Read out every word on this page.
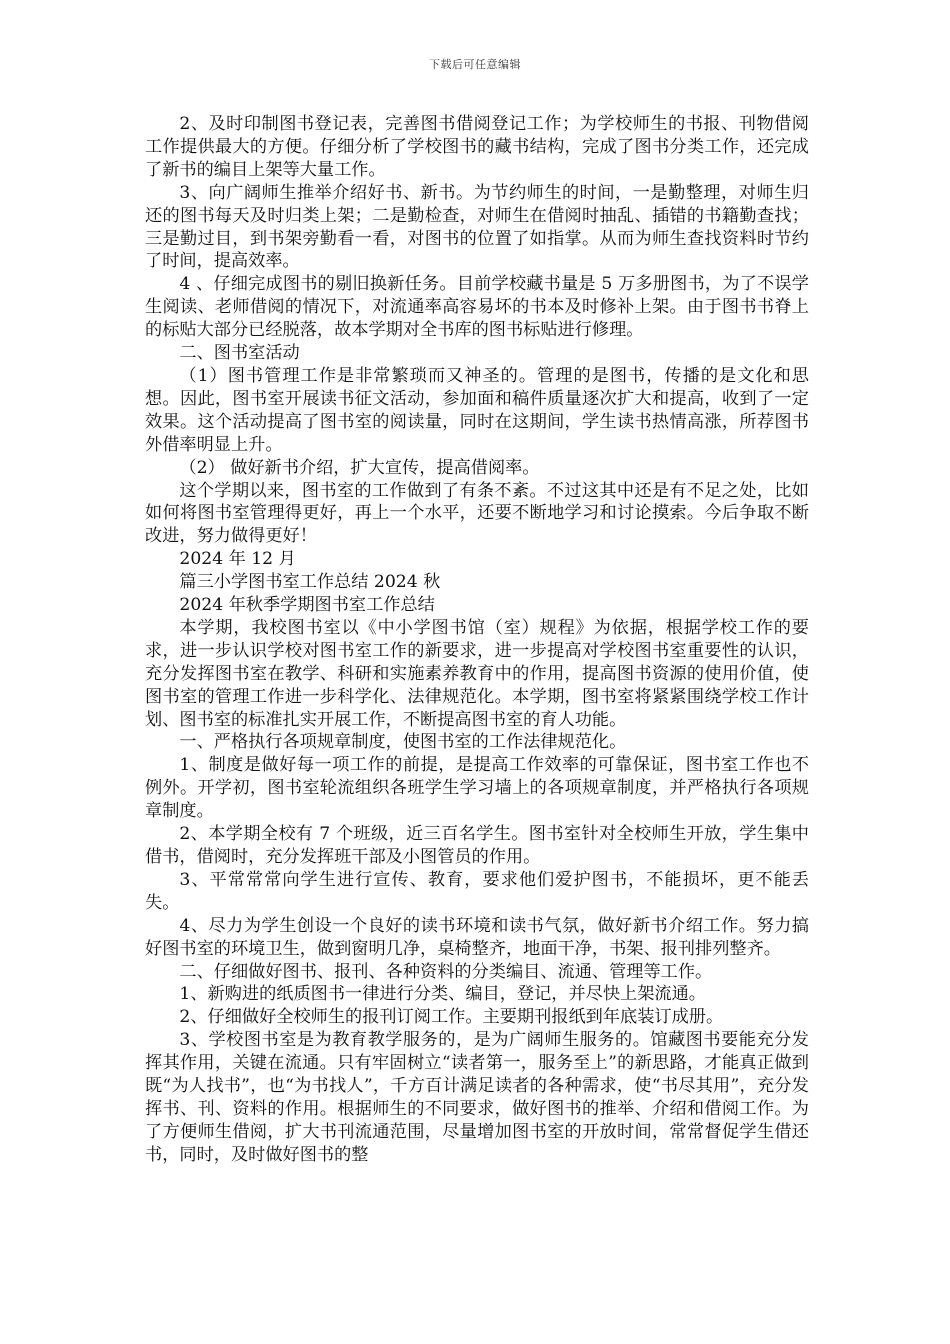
下载后可任意编辑

2、及时印制图书登记表，完善图书借阅登记工作；为学校师生的书报、刊物借阅工作提供最大的方便。仔细分析了学校图书的藏书结构，完成了图书分类工作，还完成了新书的编目上架等大量工作。

3、向广阔师生推举介绍好书、新书。为节约师生的时间，一是勤整理，对师生归还的图书每天及时归类上架；二是勤检查，对师生在借阅时抽乱、插错的书籍勤查找；三是勤过目，到书架旁勤看一看，对图书的位置了如指掌。从而为师生查找资料时节约了时间，提高效率。

4 、仔细完成图书的剔旧换新任务。目前学校藏书量是 5 万多册图书，为了不误学生阅读、老师借阅的情况下，对流通率高容易坏的书本及时修补上架。由于图书书脊上的标贴大部分已经脱落，故本学期对全书库的图书标贴进行修理。

二、图书室活动

（1）图书管理工作是非常繁琐而又神圣的。管理的是图书，传播的是文化和思想。因此，图书室开展读书征文活动，参加面和稿件质量逐次扩大和提高，收到了一定效果。这个活动提高了图书室的阅读量，同时在这期间，学生读书热情高涨，所荐图书外借率明显上升。

（2） 做好新书介绍，扩大宣传，提高借阅率。

这个学期以来，图书室的工作做到了有条不紊。不过这其中还是有不足之处，比如如何将图书室管理得更好，再上一个水平，还要不断地学习和讨论摸索。今后争取不断改进，努力做得更好！

2024 年 12 月

篇三小学图书室工作总结 2024 秋

2024 年秋季学期图书室工作总结

本学期，我校图书室以《中小学图书馆（室）规程》为依据，根据学校工作的要求，进一步认识学校对图书室工作的新要求，进一步提高对学校图书室重要性的认识，充分发挥图书室在教学、科研和实施素养教育中的作用，提高图书资源的使用价值，使图书室的管理工作进一步科学化、法律规范化。本学期，图书室将紧紧围绕学校工作计划、图书室的标准扎实开展工作，不断提高图书室的育人功能。

一、严格执行各项规章制度，使图书室的工作法律规范化。

1、制度是做好每一项工作的前提，是提高工作效率的可靠保证，图书室工作也不例外。开学初，图书室轮流组织各班学生学习墙上的各项规章制度，并严格执行各项规章制度。

2、本学期全校有 7 个班级，近三百名学生。图书室针对全校师生开放，学生集中借书，借阅时，充分发挥班干部及小图管员的作用。

3、平常常常向学生进行宣传、教育，要求他们爱护图书，不能损坏，更不能丢失。

4、尽力为学生创设一个良好的读书环境和读书气氛，做好新书介绍工作。努力搞好图书室的环境卫生，做到窗明几净，桌椅整齐，地面干净，书架、报刊排列整齐。

二、仔细做好图书、报刊、各种资料的分类编目、流通、管理等工作。

1、新购进的纸质图书一律进行分类、编目，登记，并尽快上架流通。

2、仔细做好全校师生的报刊订阅工作。主要期刊报纸到年底装订成册。

3、学校图书室是为教育教学服务的，是为广阔师生服务的。馆藏图书要能充分发挥其作用，关键在流通。只有牢固树立“读者第一，服务至上”的新思路，才能真正做到既“为人找书”，也“为书找人”，千方百计满足读者的各种需求，使“书尽其用”，充分发挥书、刊、资料的作用。根据师生的不同要求，做好图书的推举、介绍和借阅工作。为了方便师生借阅，扩大书刊流通范围，尽量增加图书室的开放时间，常常督促学生借还书，同时，及时做好图书的整
